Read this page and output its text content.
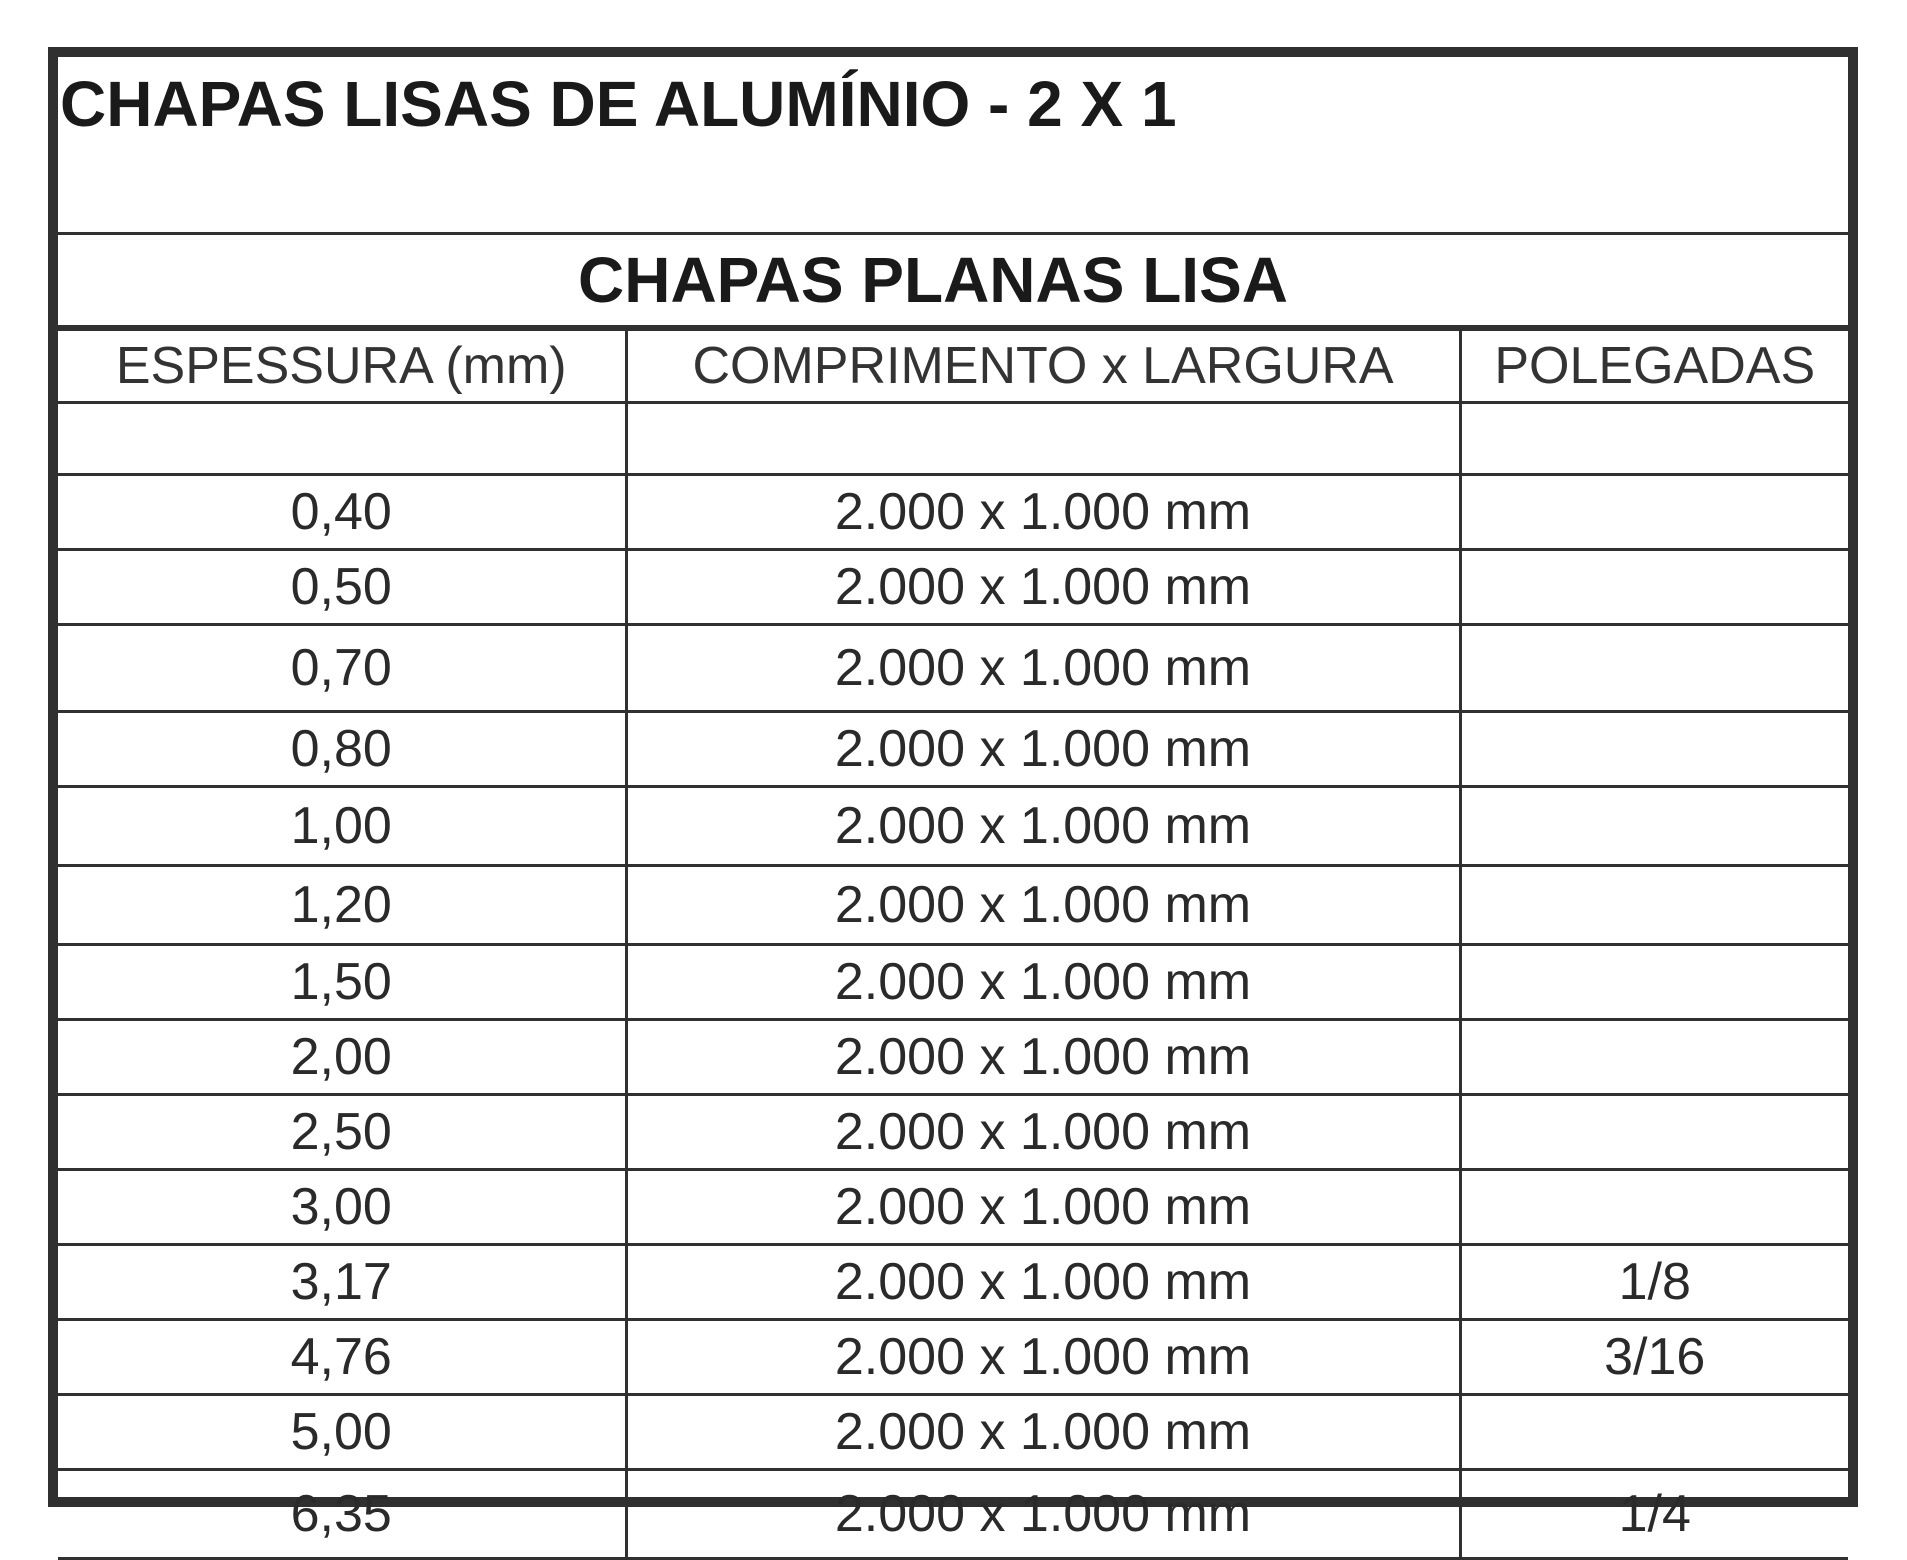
CHAPAS LISAS DE ALUMÍNIO - 2 X 1
CHAPAS PLANAS LISA
ESPESSURA (mm)	COMPRIMENTO x LARGURA	POLEGADAS

0,40	2.000 x 1.000 mm	
0,50	2.000 x 1.000 mm	
0,70	2.000 x 1.000 mm	
0,80	2.000 x 1.000 mm	
1,00	2.000 x 1.000 mm	
1,20	2.000 x 1.000 mm	
1,50	2.000 x 1.000 mm	
2,00	2.000 x 1.000 mm	
2,50	2.000 x 1.000 mm	
3,00	2.000 x 1.000 mm	
3,17	2.000 x 1.000 mm	1/8
4,76	2.000 x 1.000 mm	3/16
5,00	2.000 x 1.000 mm	
6,35	2.000 x 1.000 mm	1/4
